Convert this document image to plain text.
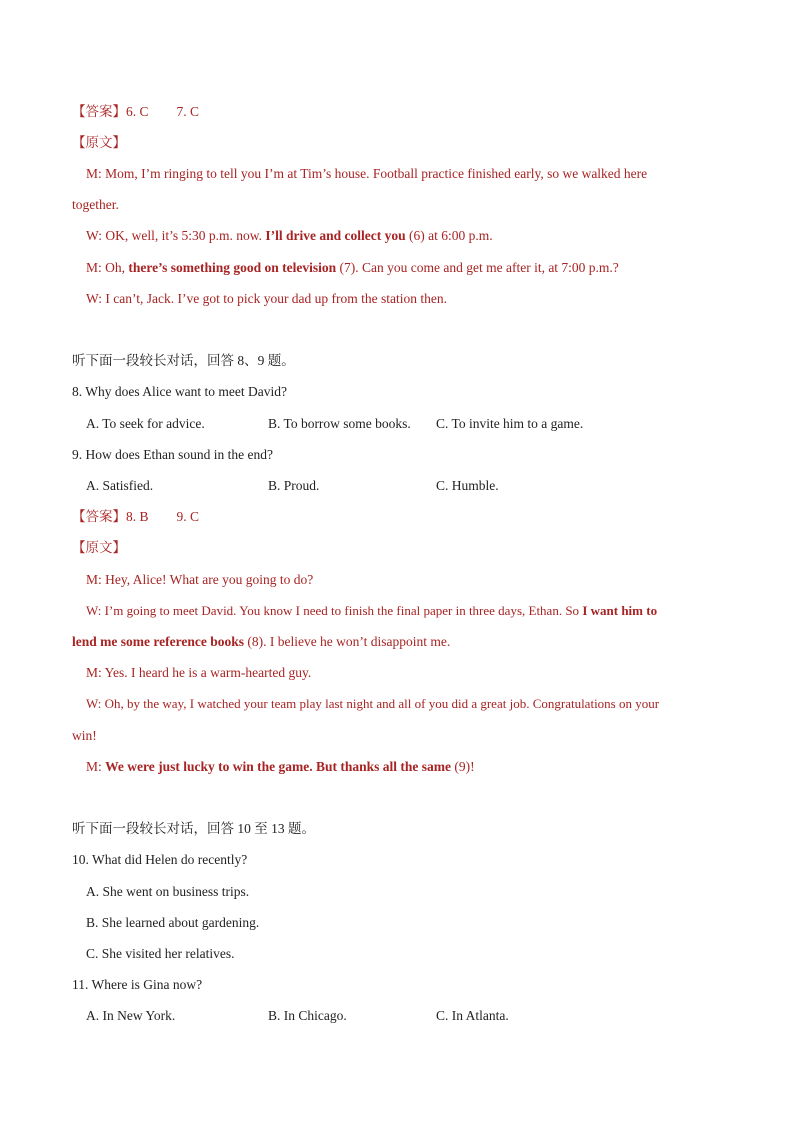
【答案】6. C 7. C
【原文】
M: Mom, I’m ringing to tell you I’m at Tim’s house. Football practice finished early, so we walked here
together.
W: OK, well, it’s 5:30 p.m. now. I’ll drive and collect you (6) at 6:00 p.m.
M: Oh, there’s something good on television (7). Can you come and get me after it, at 7:00 p.m.?
W: I can’t, Jack. I’ve got to pick your dad up from the station then.
听下面一段较长对话，回答 8、9 题。
8. Why does Alice want to meet David?
A. To seek for advice.	B. To borrow some books. C. To invite him to a game.
9. How does Ethan sound in the end?
A. Satisfied.	B. Proud.	C. Humble.
【答案】8. B 9. C
【原文】
M: Hey, Alice! What are you going to do?
W: I’m going to meet David. You know I need to finish the final paper in three days, Ethan. So I want him to
lend me some reference books (8). I believe he won’t disappoint me.
M: Yes. I heard he is a warm-hearted guy.
W: Oh, by the way, I watched your team play last night and all of you did a great job. Congratulations on your
win!
M: We were just lucky to win the game. But thanks all the same (9)!
听下面一段较长对话，回答 10 至 13 题。
10. What did Helen do recently?
A. She went on business trips.
B. She learned about gardening.
C. She visited her relatives.
11. Where is Gina now?
A. In New York.	B. In Chicago.	C. In Atlanta.
